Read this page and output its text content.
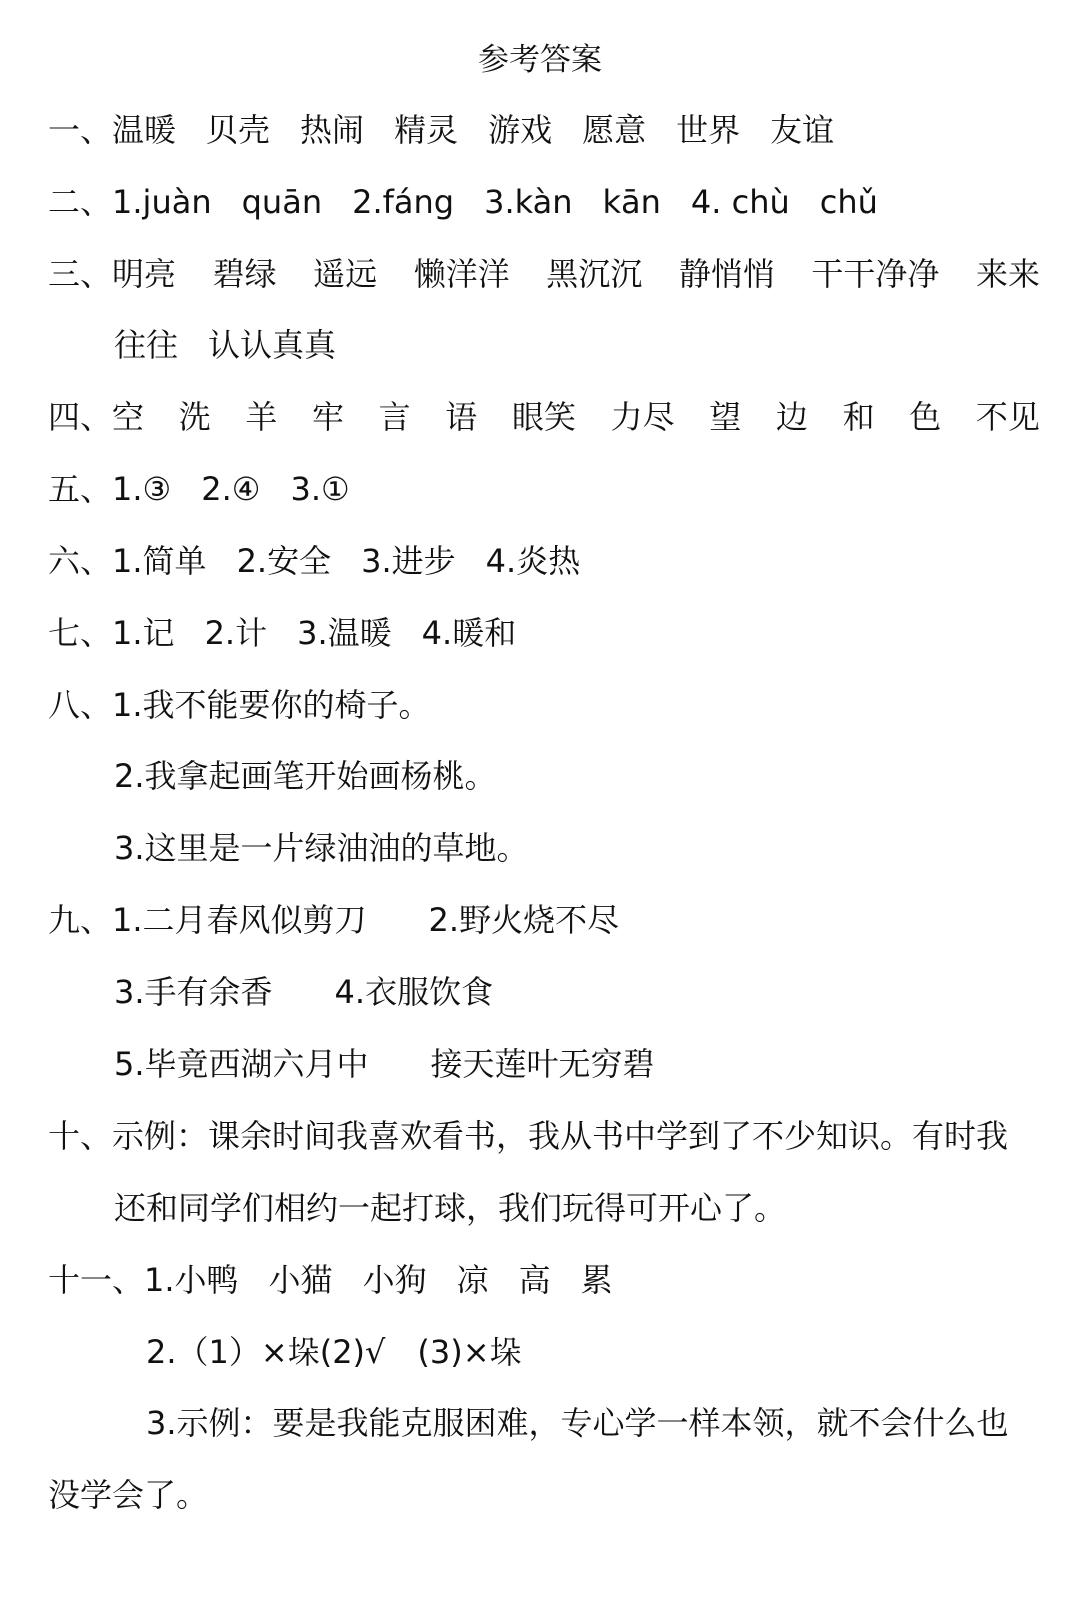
参考答案
一、温暖 贝壳 热闹 精灵 游戏 愿意 世界 友谊
二、1.juàn quān 2.fáng 3.kàn kān 4. chù chǔ
三、明亮 碧绿 遥远 懒洋洋 黑沉沉 静悄悄 干干净净 来来
往往 认认真真
四、空 洗 羊 牢 言 语 眼笑 力尽 望 边 和 色 不见
五、1.③ 2.④ 3.①
六、1.简单 2.安全 3.进步 4.炎热
七、1.记 2.计 3.温暖 4.暖和
八、1.我不能要你的椅子。
2.我拿起画笔开始画杨桃。
3.这里是一片绿油油的草地。
九、1.二月春风似剪刀 2.野火烧不尽
3.手有余香 4.衣服饮食
5.毕竟西湖六月中 接天莲叶无穷碧
十、示例：课余时间我喜欢看书，我从书中学到了不少知识。有时我
还和同学们相约一起打球，我们玩得可开心了。
十一、1.小鸭 小猫 小狗 凉 高 累
2.（1）×垛(2)√　(3)×垛
3.示例：要是我能克服困难，专心学一样本领，就不会什么也
没学会了。
